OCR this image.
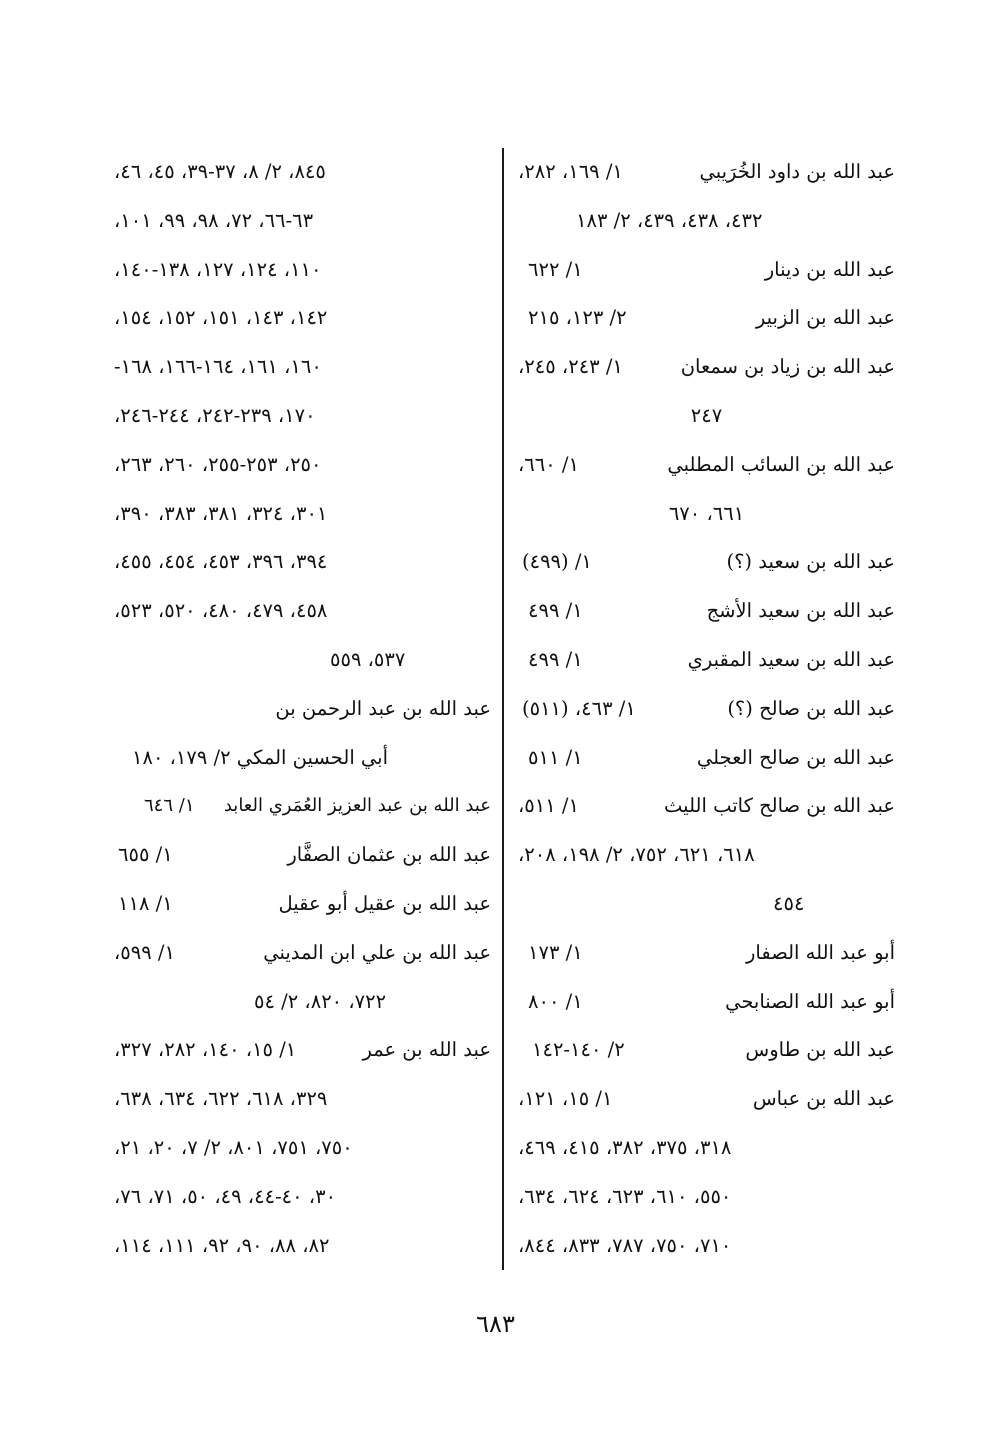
عبد الله بن داود الخُرَيبي
١/ ١٦٩، ٢٨٢،
٤٣٢، ٤٣٨، ٤٣٩، ٢/ ١٨٣
عبد الله بن دينار
١/ ٦٢٢
عبد الله بن الزبير
٢/ ١٢٣، ٢١٥
عبد الله بن زياد بن سمعان
١/ ٢٤٣، ٢٤٥،
٢٤٧
عبد الله بن السائب المطلبي
١/ ٦٦٠،
٦٦١، ٦٧٠
عبد الله بن سعيد (؟)
١/ (٤٩٩)
عبد الله بن سعيد الأشج
١/ ٤٩٩
عبد الله بن سعيد المقبري
١/ ٤٩٩
عبد الله بن صالح (؟)
١/ ٤٦٣، (٥١١)
عبد الله بن صالح العجلي
١/ ٥١١
عبد الله بن صالح كاتب الليث
١/ ٥١١،
٦١٨، ٦٢١، ٧٥٢، ٢/ ١٩٨، ٢٠٨،
٤٥٤
أبو عبد الله الصفار
١/ ١٧٣
أبو عبد الله الصنابحي
١/ ٨٠٠
عبد الله بن طاوس
٢/ ١٤٠-١٤٢
عبد الله بن عباس
١/ ١٥، ١٢١،
٣١٨، ٣٧٥، ٣٨٢، ٤١٥، ٤٦٩،
٥٥٠، ٦١٠، ٦٢٣، ٦٢٤، ٦٣٤،
٧١٠، ٧٥٠، ٧٨٧، ٨٣٣، ٨٤٤،
٨٤٥، ٢/ ٨، ٣٧-٣٩، ٤٥، ٤٦،
٦٣-٦٦، ٧٢، ٩٨، ٩٩، ١٠١،
١١٠، ١٢٤، ١٢٧، ١٣٨-١٤٠،
١٤٢، ١٤٣، ١٥١، ١٥٢، ١٥٤،
١٦٠، ١٦١، ١٦٤-١٦٦، ١٦٨-
١٧٠، ٢٣٩-٢٤٢، ٢٤٤-٢٤٦،
٢٥٠، ٢٥٣-٢٥٥، ٢٦٠، ٢٦٣،
٣٠١، ٣٢٤، ٣٨١، ٣٨٣، ٣٩٠،
٣٩٤، ٣٩٦، ٤٥٣، ٤٥٤، ٤٥٥،
٤٥٨، ٤٧٩، ٤٨٠، ٥٢٠، ٥٢٣،
٥٣٧، ٥٥٩
عبد الله بن عبد الرحمن بن
أبي الحسين المكي ٢/ ١٧٩، ١٨٠
عبد الله بن عبد العزيز العُمَري العابد
١/ ٦٤٦
عبد الله بن عثمان الصفَّار
١/ ٦٥٥
عبد الله بن عقيل أبو عقيل
١/ ١١٨
عبد الله بن علي ابن المديني
١/ ٥٩٩،
٧٢٢، ٨٢٠، ٢/ ٥٤
عبد الله بن عمر
١/ ١٥، ١٤٠، ٢٨٢، ٣٢٧،
٣٢٩، ٦١٨، ٦٢٢، ٦٣٤، ٦٣٨،
٧٥٠، ٧٥١، ٨٠١، ٢/ ٧، ٢٠، ٢١،
٣٠، ٤٠-٤٤، ٤٩، ٥٠، ٧١، ٧٦،
٨٢، ٨٨، ٩٠، ٩٢، ١١١، ١١٤،
٦٨٣
